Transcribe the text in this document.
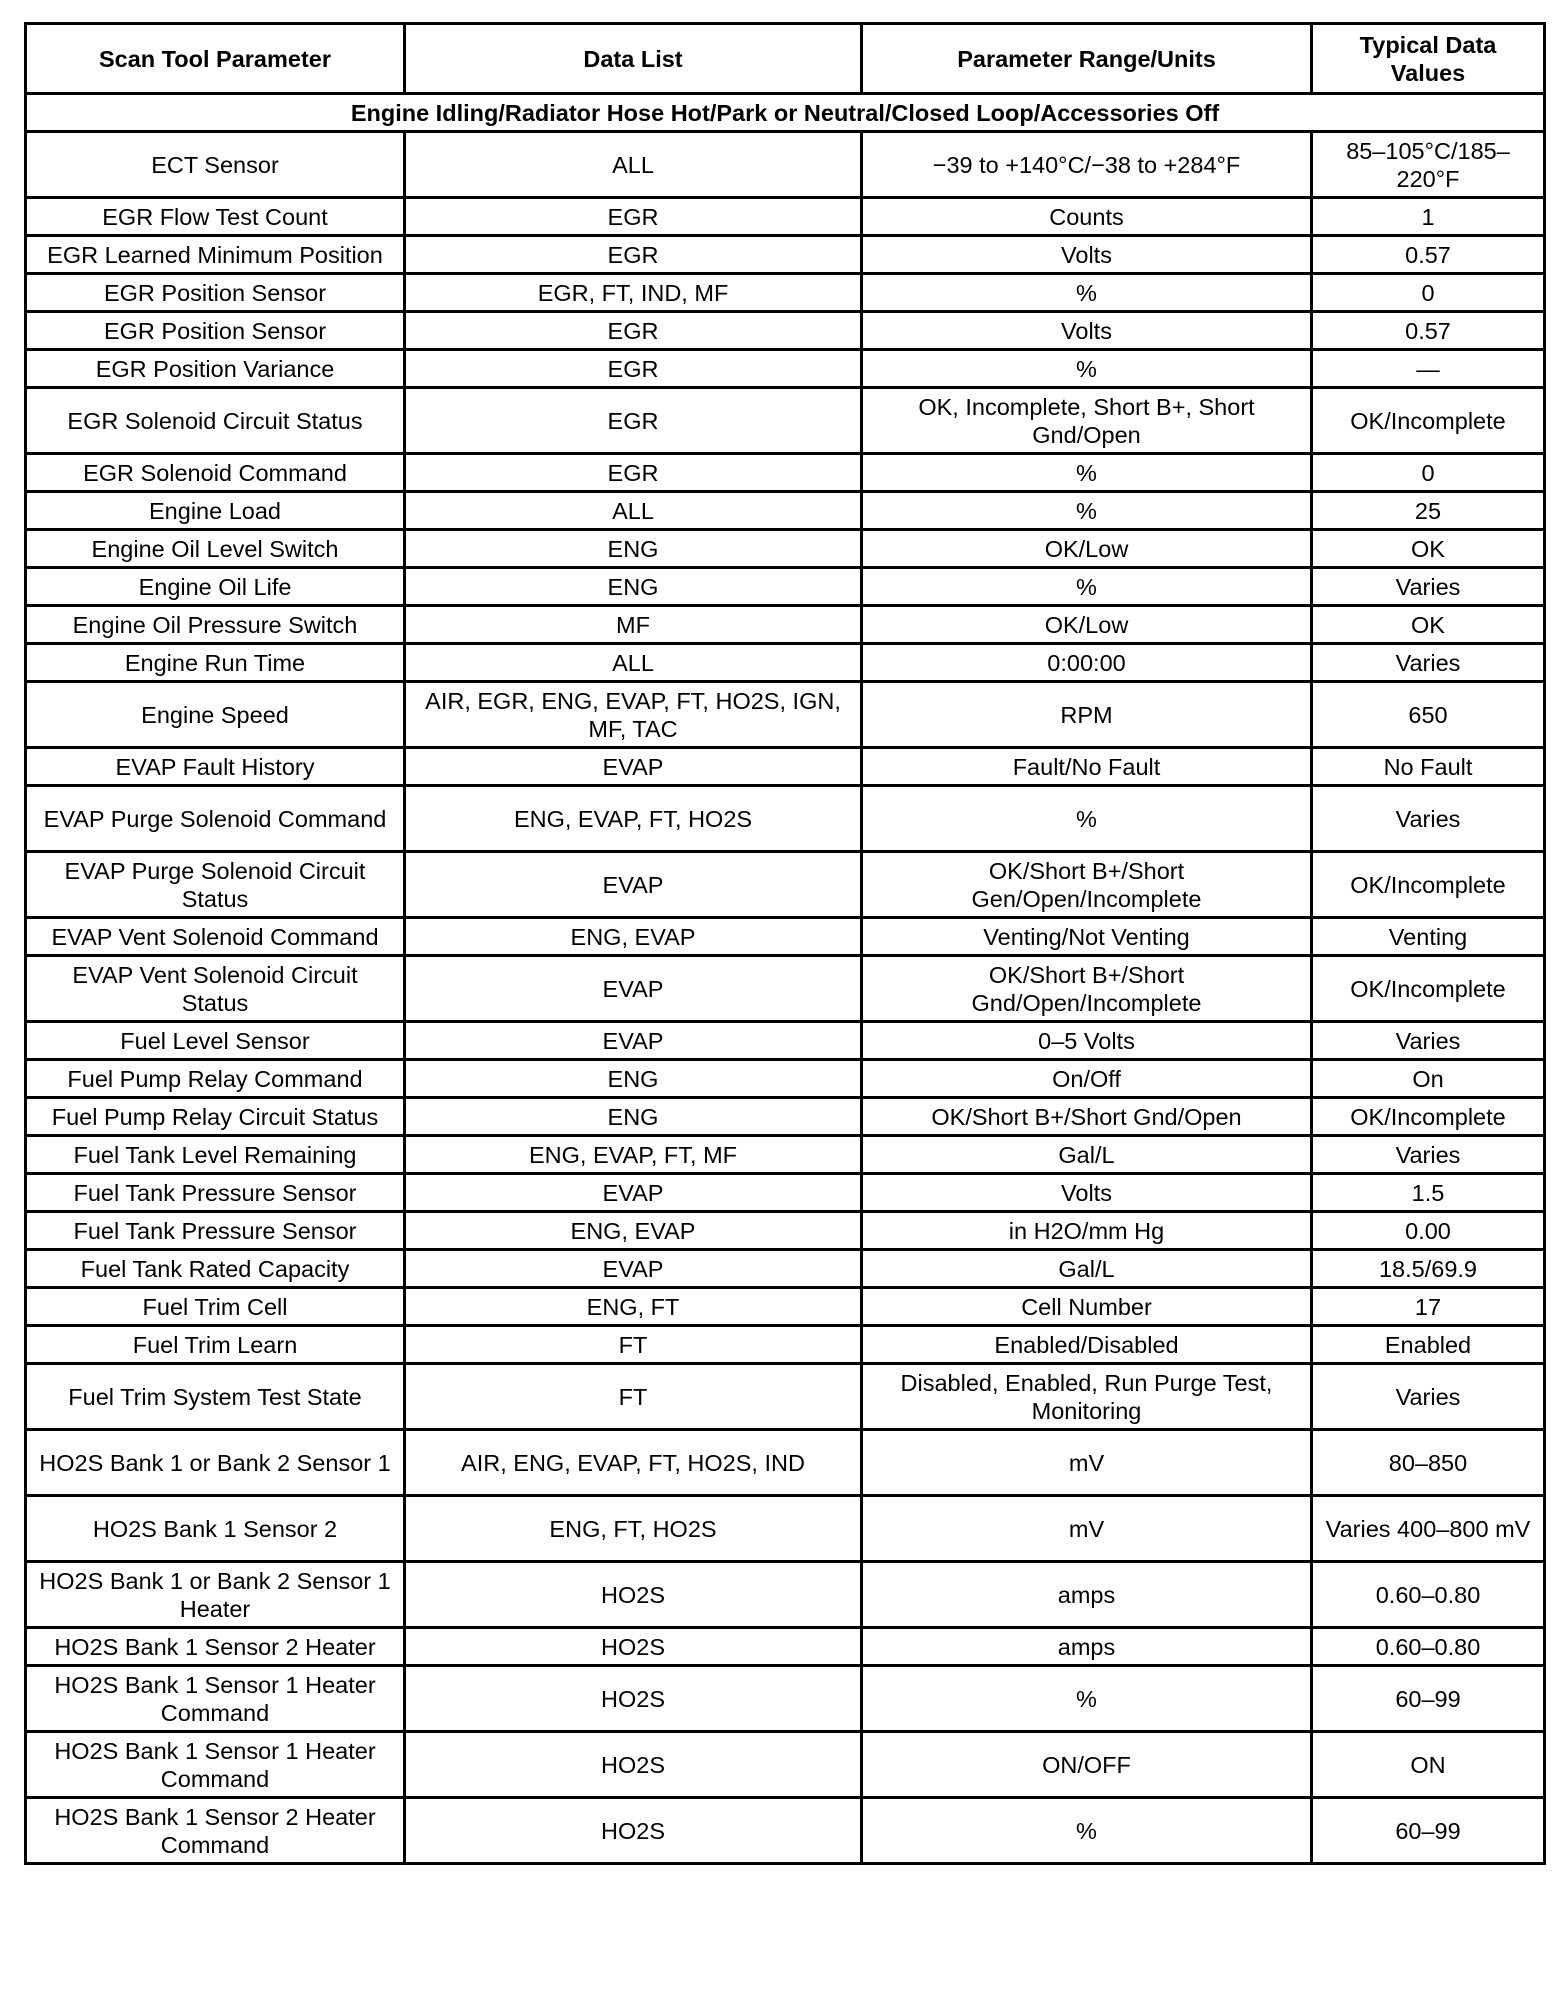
Scan Tool Parameter	Data List	Parameter Range/Units	Typical Data Values
Engine Idling/Radiator Hose Hot/Park or Neutral/Closed Loop/Accessories Off			
ECT Sensor	ALL	−39 to +140°C/−38 to +284°F	85–105°C/185–220°F
EGR Flow Test Count	EGR	Counts	1
EGR Learned Minimum Position	EGR	Volts	0.57
EGR Position Sensor	EGR, FT, IND, MF	%	0
EGR Position Sensor	EGR	Volts	0.57
EGR Position Variance	EGR	%	—
EGR Solenoid Circuit Status	EGR	OK, Incomplete, Short B+, Short Gnd/Open	OK/Incomplete
EGR Solenoid Command	EGR	%	0
Engine Load	ALL	%	25
Engine Oil Level Switch	ENG	OK/Low	OK
Engine Oil Life	ENG	%	Varies
Engine Oil Pressure Switch	MF	OK/Low	OK
Engine Run Time	ALL	0:00:00	Varies
Engine Speed	AIR, EGR, ENG, EVAP, FT, HO2S, IGN, MF, TAC	RPM	650
EVAP Fault History	EVAP	Fault/No Fault	No Fault
EVAP Purge Solenoid Command	ENG, EVAP, FT, HO2S	%	Varies
EVAP Purge Solenoid Circuit Status	EVAP	OK/Short B+/Short Gen/Open/Incomplete	OK/Incomplete
EVAP Vent Solenoid Command	ENG, EVAP	Venting/Not Venting	Venting
EVAP Vent Solenoid Circuit Status	EVAP	OK/Short B+/Short Gnd/Open/Incomplete	OK/Incomplete
Fuel Level Sensor	EVAP	0–5 Volts	Varies
Fuel Pump Relay Command	ENG	On/Off	On
Fuel Pump Relay Circuit Status	ENG	OK/Short B+/Short Gnd/Open	OK/Incomplete
Fuel Tank Level Remaining	ENG, EVAP, FT, MF	Gal/L	Varies
Fuel Tank Pressure Sensor	EVAP	Volts	1.5
Fuel Tank Pressure Sensor	ENG, EVAP	in H2O/mm Hg	0.00
Fuel Tank Rated Capacity	EVAP	Gal/L	18.5/69.9
Fuel Trim Cell	ENG, FT	Cell Number	17
Fuel Trim Learn	FT	Enabled/Disabled	Enabled
Fuel Trim System Test State	FT	Disabled, Enabled, Run Purge Test, Monitoring	Varies
HO2S Bank 1 or Bank 2 Sensor 1	AIR, ENG, EVAP, FT, HO2S, IND	mV	80–850
HO2S Bank 1 Sensor 2	ENG, FT, HO2S	mV	Varies 400–800 mV
HO2S Bank 1 or Bank 2 Sensor 1 Heater	HO2S	amps	0.60–0.80
HO2S Bank 1 Sensor 2 Heater	HO2S	amps	0.60–0.80
HO2S Bank 1 Sensor 1 Heater Command	HO2S	%	60–99
HO2S Bank 1 Sensor 1 Heater Command	HO2S	ON/OFF	ON
HO2S Bank 1 Sensor 2 Heater Command	HO2S	%	60–99
